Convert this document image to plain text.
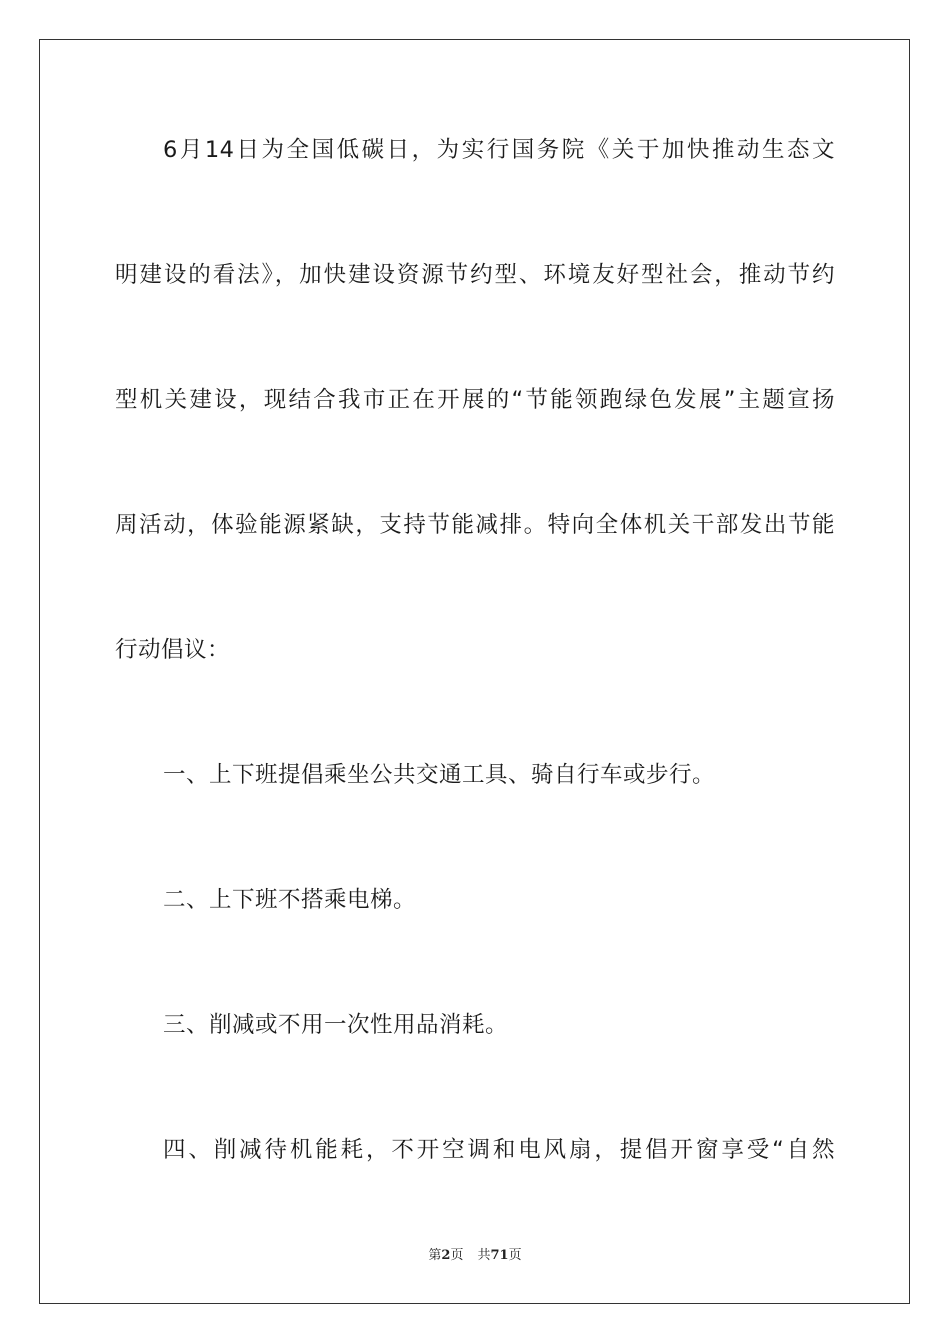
6月14日为全国低碳日，为实行国务院《关于加快推动生态文
明建设的看法》，加快建设资源节约型、环境友好型社会，推动节约
型机关建设，现结合我市正在开展的“节能领跑绿色发展”主题宣扬
周活动，体验能源紧缺，支持节能减排。特向全体机关干部发出节能
行动倡议：
一、上下班提倡乘坐公共交通工具、骑自行车或步行。
二、上下班不搭乘电梯。
三、削减或不用一次性用品消耗。
四、削减待机能耗，不开空调和电风扇，提倡开窗享受“自然
第2页 共71页
